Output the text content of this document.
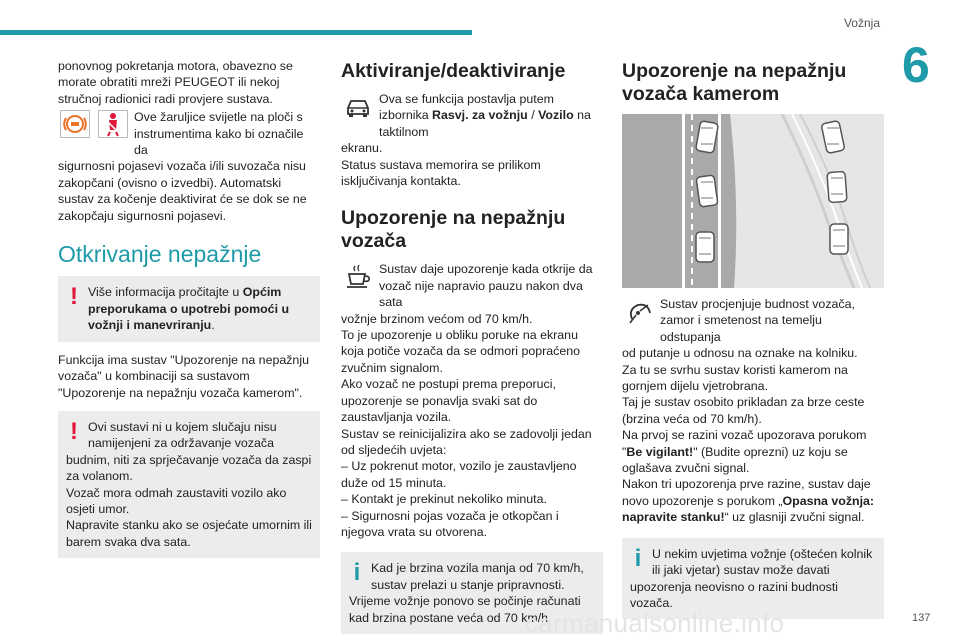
Vožnja
6

ponovnog pokretanja motora, obavezno se morate obratiti mreži PEUGEOT ili nekoj stručnoj radionici radi provjere sustava.

Ove žaruljice svijetle na ploči s instrumentima kako bi označile da

sigurnosni pojasevi vozača i/ili suvozača nisu zakopčani (ovisno o izvedbi). Automatski sustav za kočenje deaktivirat će se dok se ne zakopčaju sigurnosni pojasevi.

Otkrivanje nepažnje
! Više informacija pročitajte u Općim preporukama o upotrebi pomoći u vožnji i manevriranju.

Funkcija ima sustav "Upozorenje na nepažnju vozača" u kombinaciji sa sustavom "Upozorenje na nepažnju vozača kamerom".

! Ovi sustavi ni u kojem slučaju nisu namijenjeni za održavanje vozača

budnim, niti za sprječavanje vozača da zaspi za volanom.

Vozač mora odmah zaustaviti vozilo ako osjeti umor.

Napravite stanku ako se osjećate umornim ili barem svaka dva sata.

Aktiviranje/deaktiviranje

Ova se funkcija postavlja putem izbornika Rasvj. za vožnju / Vozilo na taktilnom

ekranu.

Status sustava memorira se prilikom isključivanja kontakta.

Upozorenje na nepažnju vozača

Sustav daje upozorenje kada otkrije da vozač nije napravio pauzu nakon dva sata

vožnje brzinom većom od 70 km/h.

To je upozorenje u obliku poruke na ekranu koja potiče vozača da se odmori popraćeno zvučnim signalom.

Ako vozač ne postupi prema preporuci, upozorenje se ponavlja svaki sat do zaustavljanja vozila.

Sustav se reinicijalizira ako se zadovolji jedan od sljedećih uvjeta:

– Uz pokrenut motor, vozilo je zaustavljeno duže od 15 minuta.

– Kontakt je prekinut nekoliko minuta.

– Sigurnosni pojas vozača je otkopčan i njegova vrata su otvorena.

i Kad je brzina vozila manja od 70 km/h, sustav prelazi u stanje pripravnosti.

Vrijeme vožnje ponovo se počinje računati kad brzina postane veća od 70 km/h.

Upozorenje na nepažnju vozača kamerom

Sustav procjenjuje budnost vozača, zamor i smetenost na temelju odstupanja

od putanje u odnosu na oznake na kolniku.

Za tu se svrhu sustav koristi kamerom na gornjem dijelu vjetrobrana.

Taj je sustav osobito prikladan za brze ceste (brzina veća od 70 km/h).

Na prvoj se razini vozač upozorava porukom "Be vigilant!" (Budite oprezni) uz koju se oglašava zvučni signal.

Nakon tri upozorenja prve razine, sustav daje novo upozorenje s porukom „Opasna vožnja: napravite stanku!“ uz glasniji zvučni signal.

i U nekim uvjetima vožnje (oštećen kolnik ili jaki vjetar) sustav može davati

upozorenja neovisno o razini budnosti vozača.

carmanualsonline.info	137
